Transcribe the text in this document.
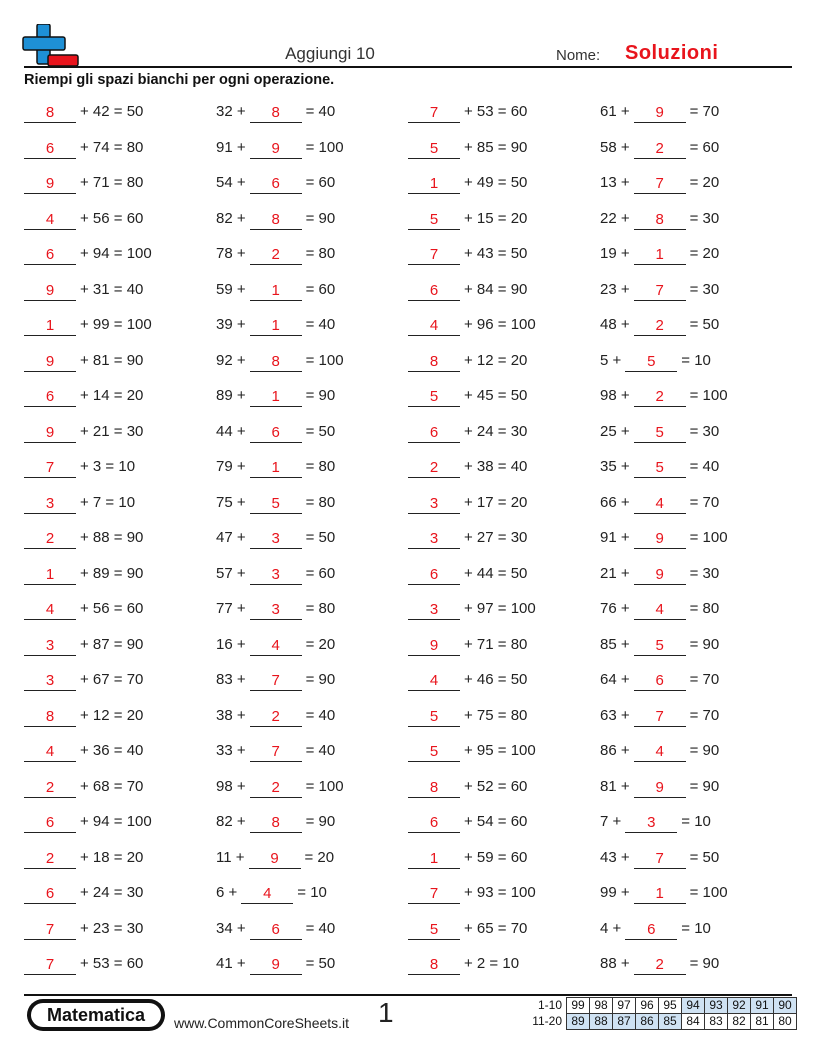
Aggiungi 10	Nome: Soluzioni
Riempi gli spazi bianchi per ogni operazione.
8 + 42 = 50	32 + 8 = 40	7 + 53 = 60	61 + 9 = 70
6 + 74 = 80	91 + 9 = 100	5 + 85 = 90	58 + 2 = 60
9 + 71 = 80	54 + 6 = 60	1 + 49 = 50	13 + 7 = 20
4 + 56 = 60	82 + 8 = 90	5 + 15 = 20	22 + 8 = 30
6 + 94 = 100	78 + 2 = 80	7 + 43 = 50	19 + 1 = 20
9 + 31 = 40	59 + 1 = 60	6 + 84 = 90	23 + 7 = 30
1 + 99 = 100	39 + 1 = 40	4 + 96 = 100	48 + 2 = 50
9 + 81 = 90	92 + 8 = 100	8 + 12 = 20	5 + 5 = 10
6 + 14 = 20	89 + 1 = 90	5 + 45 = 50	98 + 2 = 100
9 + 21 = 30	44 + 6 = 50	6 + 24 = 30	25 + 5 = 30
7 + 3 = 10	79 + 1 = 80	2 + 38 = 40	35 + 5 = 40
3 + 7 = 10	75 + 5 = 80	3 + 17 = 20	66 + 4 = 70
2 + 88 = 90	47 + 3 = 50	3 + 27 = 30	91 + 9 = 100
1 + 89 = 90	57 + 3 = 60	6 + 44 = 50	21 + 9 = 30
4 + 56 = 60	77 + 3 = 80	3 + 97 = 100	76 + 4 = 80
3 + 87 = 90	16 + 4 = 20	9 + 71 = 80	85 + 5 = 90
3 + 67 = 70	83 + 7 = 90	4 + 46 = 50	64 + 6 = 70
8 + 12 = 20	38 + 2 = 40	5 + 75 = 80	63 + 7 = 70
4 + 36 = 40	33 + 7 = 40	5 + 95 = 100	86 + 4 = 90
2 + 68 = 70	98 + 2 = 100	8 + 52 = 60	81 + 9 = 90
6 + 94 = 100	82 + 8 = 90	6 + 54 = 60	7 + 3 = 10
2 + 18 = 20	11 + 9 = 20	1 + 59 = 60	43 + 7 = 50
6 + 24 = 30	6 + 4 = 10	7 + 93 = 100	99 + 1 = 100
7 + 23 = 30	34 + 6 = 40	5 + 65 = 70	4 + 6 = 10
7 + 53 = 60	41 + 9 = 50	8 + 2 = 10	88 + 2 = 90
Matematica	www.CommonCoreSheets.it 1	1-10	99	98	97	96	95	94	93	92	91	90
11-20	89	88	87	86	85	84	83	82	81	80
